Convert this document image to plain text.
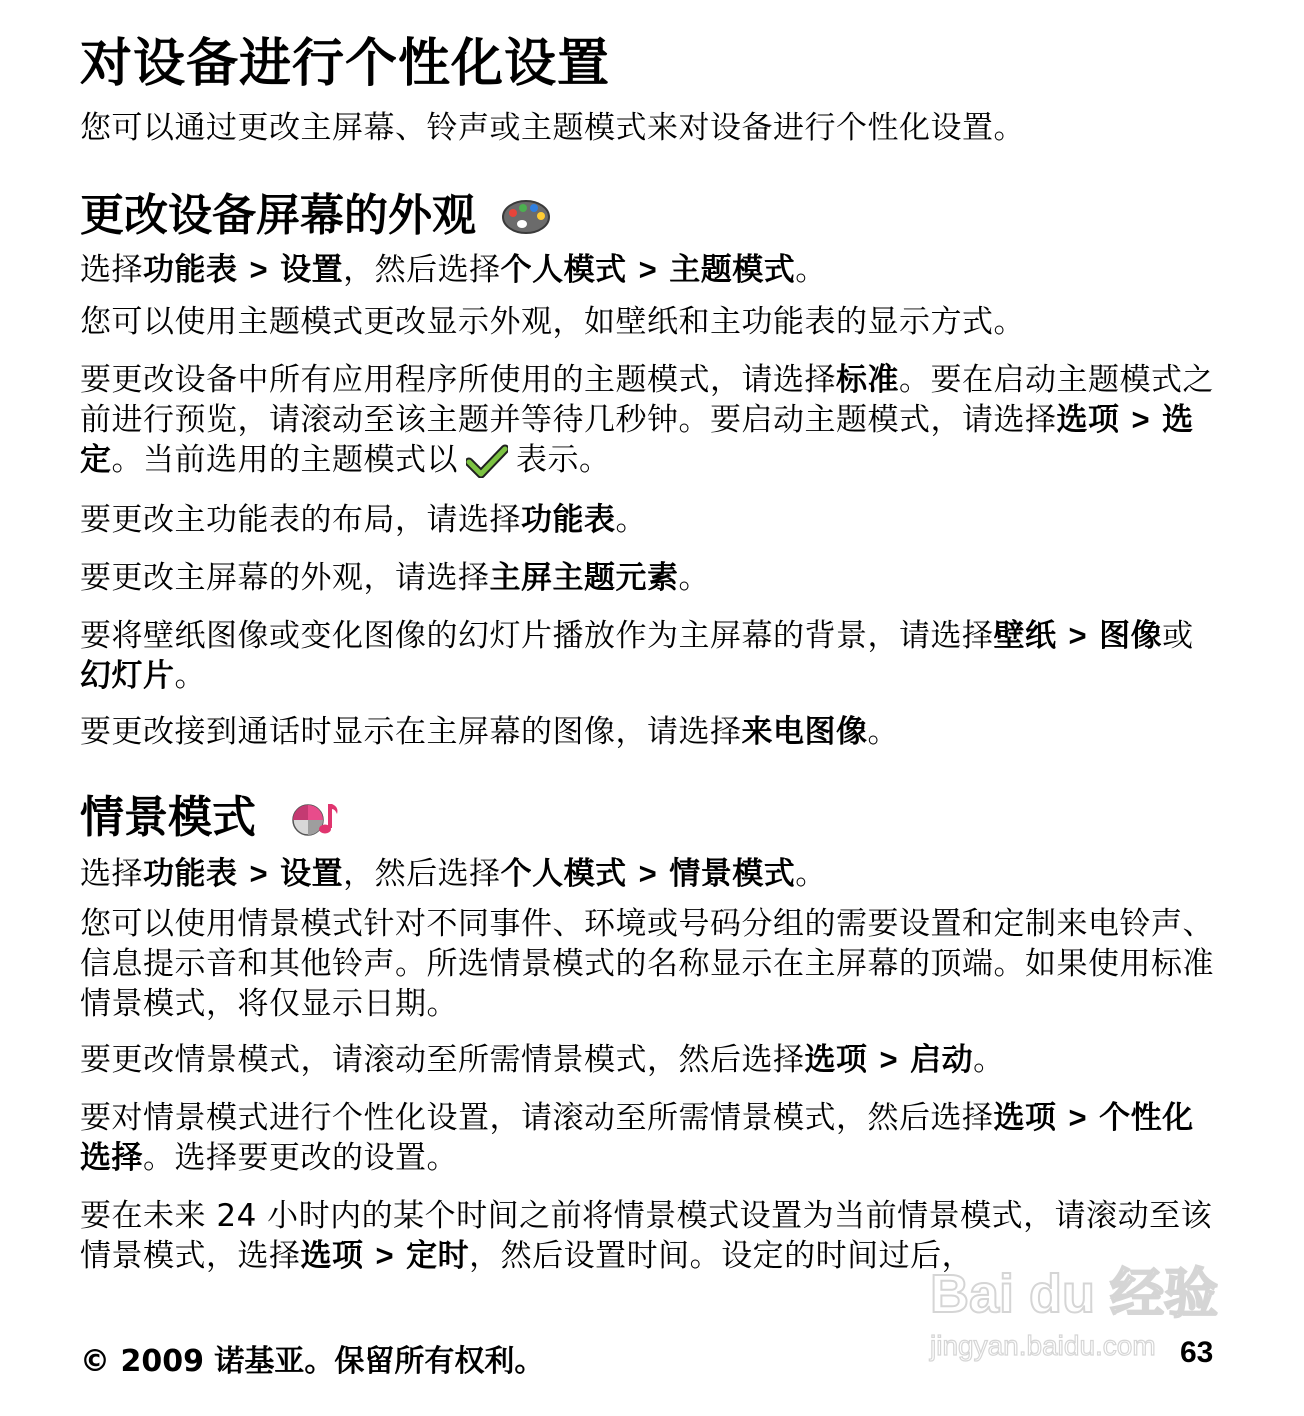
对设备进行个性化设置
您可以通过更改主屏幕、铃声或主题模式来对设备进行个性化设置。
更改设备屏幕的外观
选择功能表 > 设置，然后选择个人模式 > 主题模式。
您可以使用主题模式更改显示外观，如壁纸和主功能表的显示方式。
要更改设备中所有应用程序所使用的主题模式，请选择标准。要在启动主题模式之前进行预览，请滚动至该主题并等待几秒钟。要启动主题模式，请选择选项 > 选定。当前选用的主题模式以 表示。
要更改主功能表的布局，请选择功能表。
要更改主屏幕的外观，请选择主屏主题元素。
要将壁纸图像或变化图像的幻灯片播放作为主屏幕的背景，请选择壁纸 > 图像或幻灯片。
要更改接到通话时显示在主屏幕的图像，请选择来电图像。
情景模式
选择功能表 > 设置，然后选择个人模式 > 情景模式。
您可以使用情景模式针对不同事件、环境或号码分组的需要设置和定制来电铃声、信息提示音和其他铃声。所选情景模式的名称显示在主屏幕的顶端。如果使用标准情景模式，将仅显示日期。
要更改情景模式，请滚动至所需情景模式，然后选择选项 > 启动。
要对情景模式进行个性化设置，请滚动至所需情景模式，然后选择选项 > 个性化选择。选择要更改的设置。
要在未来 24 小时内的某个时间之前将情景模式设置为当前情景模式，请滚动至该情景模式，选择选项 > 定时，然后设置时间。设定的时间过后，
© 2009 诺基亚。保留所有权利。	63
Bai du 经验
jingyan.baidu.com
